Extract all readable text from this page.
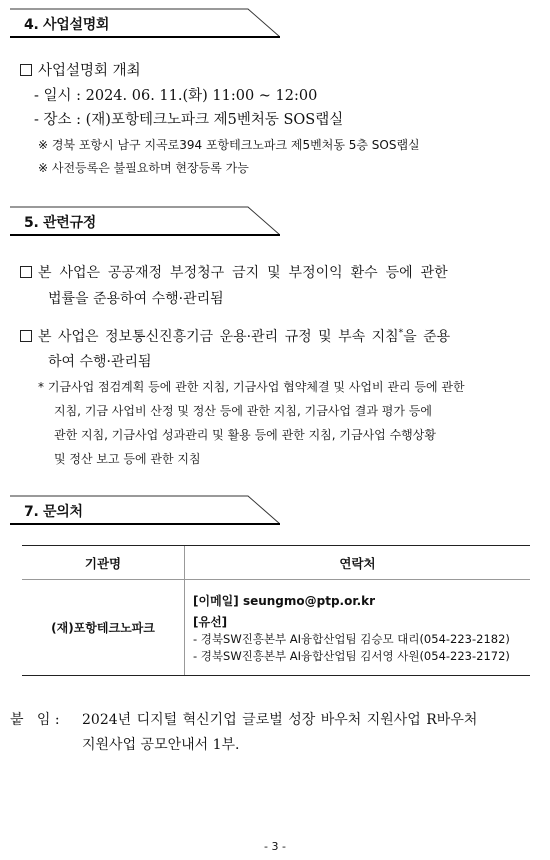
4. 사업설명회
사업설명회 개최
- 일시 : 2024. 06. 11.(화) 11:00 ~ 12:00
- 장소 : (재)포항테크노파크 제5벤처동 SOS랩실
※ 경북 포항시 남구 지곡로394 포항테크노파크 제5벤처동 5층 SOS랩실
※ 사전등록은 불필요하며 현장등록 가능
5. 관련규정
본 사업은 공공재정 부정청구 금지 및 부정이익 환수 등에 관한
법률을 준용하여 수행·관리됨
본 사업은 정보통신진흥기금 운용·관리 규정 및 부속 지침*을 준용
하여 수행·관리됨
* 기금사업 점검계획 등에 관한 지침, 기금사업 협약체결 및 사업비 관리 등에 관한
지침, 기금 사업비 산정 및 정산 등에 관한 지침, 기금사업 결과 평가 등에
관한 지침, 기금사업 성과관리 및 활용 등에 관한 지침, 기금사업 수행상황
및 정산 보고 등에 관한 지침
7. 문의처
기관명	연락처
(재)포항테크노파크	[이메일] seungmo@ptp.or.kr
[유선]
- 경북SW진흥본부 AI융합산업팀 김승모 대리(054-223-2182)
- 경북SW진흥본부 AI융합산업팀 김서영 사원(054-223-2172)
붙   임 : 2024년 디지털 혁신기업 글로벌 성장 바우처 지원사업 R바우처
지원사업 공모안내서 1부.
- 3 -
